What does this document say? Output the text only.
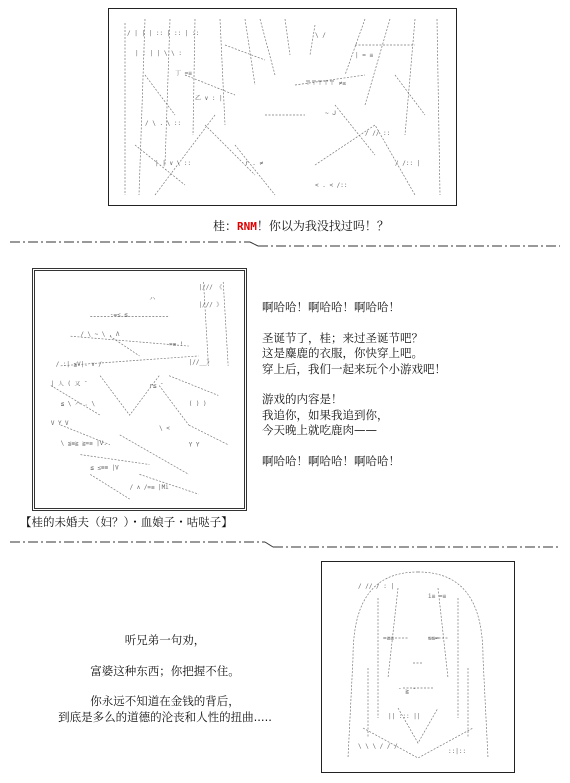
/ | | | :: | :: | ::	\ /
| : | | \ \ :	| = ≡
丁 =≡
〒〒〒〒〒 ≠≤
乙 ∨ : |
~ ᒍ
/ \ . \ ::
/ // ::
r . ≠
< . < /::
| | ∨ \ ::	/ /:: |
桂：RNM！你以为我没找过吗！？
|/// 《
|/// 》
ハ
-=≤ ≦
/ \ ~ \ . Λ
=≡ !
/ :| ≦V|. ∨ /	|//__》
| 人 ( 又 ¯	r≦ ¯
≦ \ ハ . \	( ) )
V Y V
\ <
\ ≦≡≧ ≧=≡ |V.	Y Y
≦ ≤≡≡ |V
/ ∧ /=≡ |Mi
啊哈哈！啊哈哈！啊哈哈！
圣诞节了，桂；来过圣诞节吧？
这是麋鹿的衣服，你快穿上吧。
穿上后，我们一起来玩个小游戏吧！
游戏的内容是！
我追你，如果我追到你，
今天晚上就吃鹿肉——
啊哈哈！啊哈哈！啊哈哈！
【桂的未婚夫（妇？）・血娘子・咕哒子】
/ // / : |
i≡ =≡
=≡≡	≡≡=
¯ ≧ ¯
|| ::: ||
\ \ \ / / /
::|::
听兄弟一句劝，
富婆这种东西；你把握不住。
你永远不知道在金钱的背后，
到底是多么的道德的沦丧和人性的扭曲.....
